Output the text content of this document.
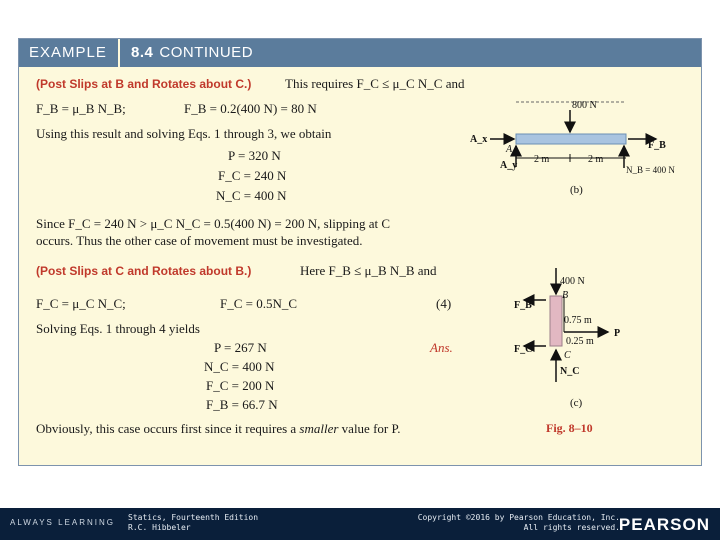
EXAMPLE	8.4 CONTINUED
(Post Slips at B and Rotates about C.)	This requires F_C ≤ μ_C N_C and
F_B = μ_B N_B;	F_B = 0.2(400 N) = 80 N
Using this result and solving Eqs. 1 through 3, we obtain
P = 320 N
F_C = 240 N
N_C = 400 N
Since F_C = 240 N > μ_C N_C = 0.5(400 N) = 200 N, slipping at C
occurs. Thus the other case of movement must be investigated.
(Post Slips at C and Rotates about B.)	Here F_B ≤ μ_B N_B and
F_C = μ_C N_C;	F_C = 0.5N_C	(4)
Solving Eqs. 1 through 4 yields
P = 267 N	Ans.
N_C = 400 N
F_C = 200 N
F_B = 66.7 N
Obviously, this case occurs first since it requires a smaller value for P.
800 N
A_x
A
A_y
F_B
2 m	2 m
N_B = 400 N
(b)
400 N
B
F_B
0.75 m
P
0.25 m
F_C
C
N_C
(c)
Fig. 8–10
ALWAYS LEARNING
Statics, Fourteenth Edition
R.C. Hibbeler
Copyright ©2016 by Pearson Education, Inc.
All rights reserved.
PEARSON
